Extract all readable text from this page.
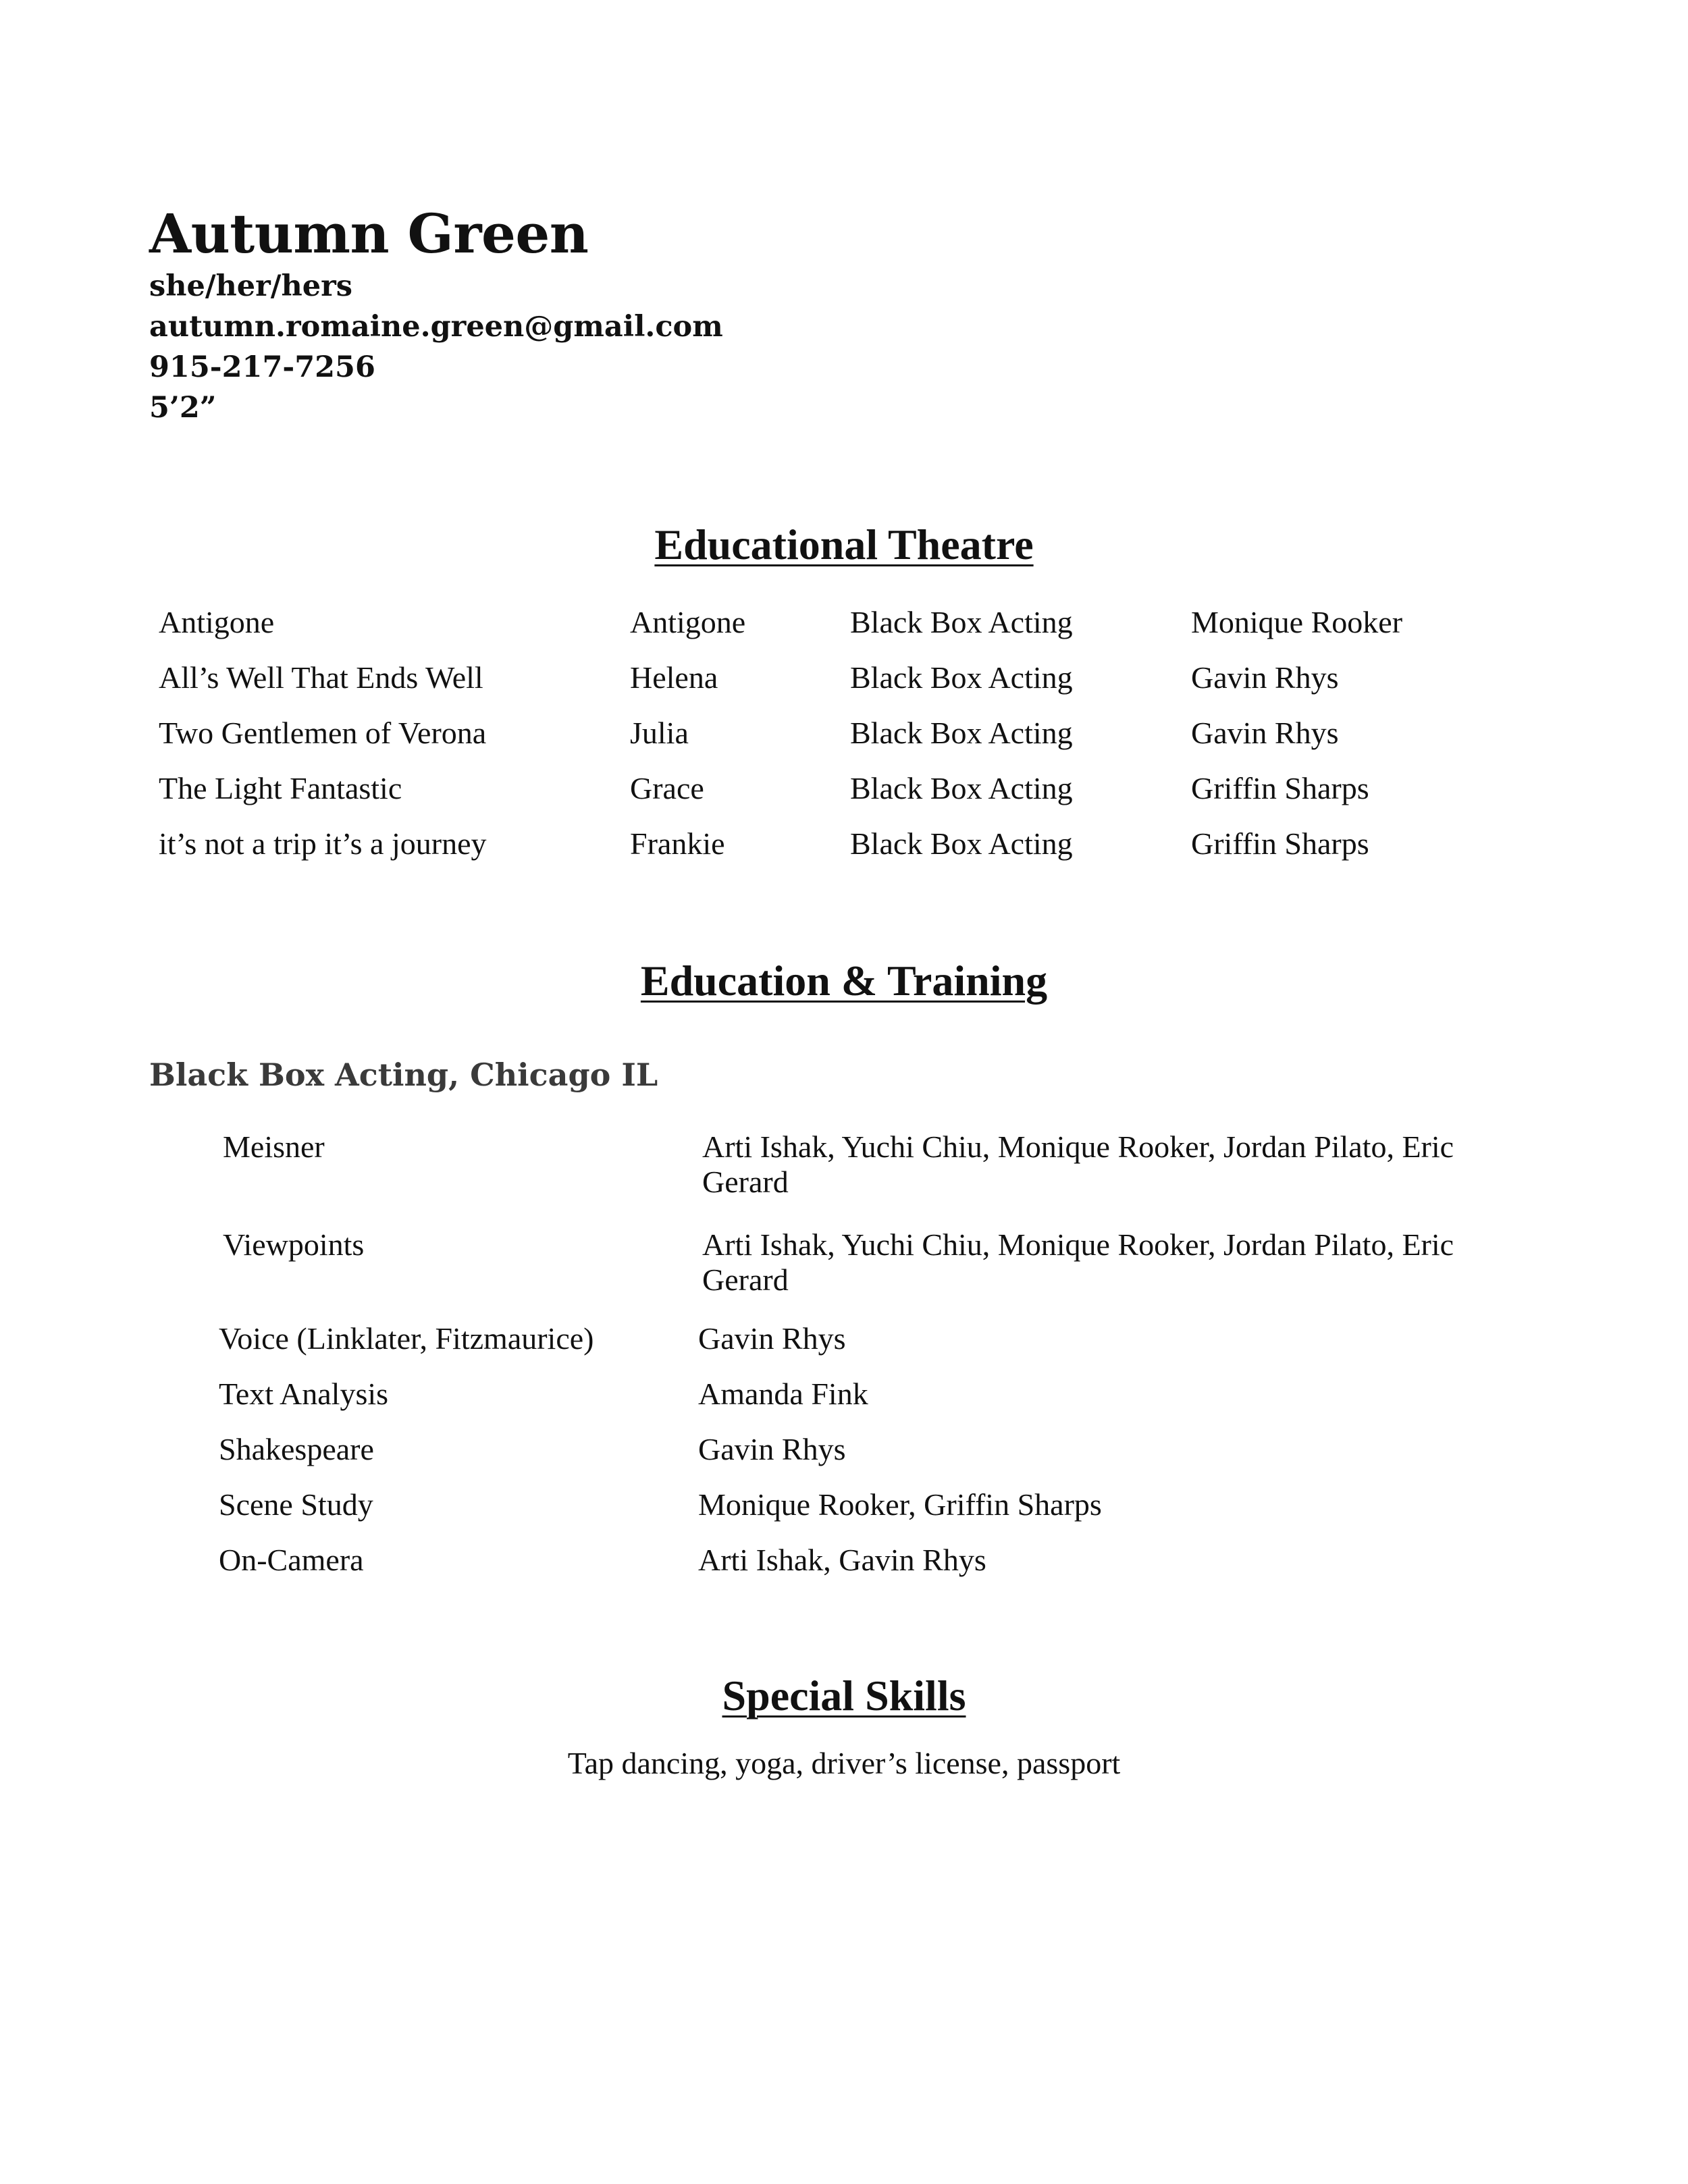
Autumn Green

she/her/hers

autumn.romaine.green@gmail.com

915-217-7256

5’2”

Educational Theatre
Antigone	Antigone	Black Box Acting	Monique Rooker
All’s Well That Ends Well	Helena	Black Box Acting	Gavin Rhys
Two Gentlemen of Verona	Julia	Black Box Acting	Gavin Rhys
The Light Fantastic	Grace	Black Box Acting	Griffin Sharps
it’s not a trip it’s a journey	Frankie	Black Box Acting	Griffin Sharps
Education & Training

Black Box Acting, Chicago IL

Meisner	Arti Ishak, Yuchi Chiu, Monique Rooker, Jordan Pilato, Eric Gerard
Viewpoints	Arti Ishak, Yuchi Chiu, Monique Rooker, Jordan Pilato, Eric Gerard
Voice (Linklater, Fitzmaurice)	Gavin Rhys
Text Analysis	Amanda Fink
Shakespeare	Gavin Rhys
Scene Study	Monique Rooker, Griffin Sharps
On-Camera	Arti Ishak, Gavin Rhys
Special Skills

Tap dancing, yoga, driver’s license, passport
